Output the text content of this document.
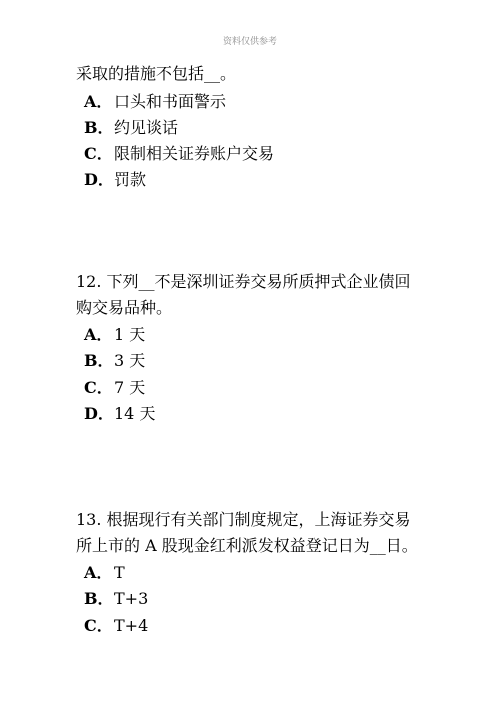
资料仅供参考
采取的措施不包括__。
A．口头和书面警示
B．约见谈话
C．限制相关证券账户交易
D．罚款
12. 下列__不是深圳证券交易所质押式企业债回
购交易品种。
A．1 天
B．3 天
C．7 天
D．14 天
13. 根据现行有关部门制度规定，上海证券交易
所上市的 A 股现金红利派发权益登记日为__日。
A．T
B．T+3
C．T+4
